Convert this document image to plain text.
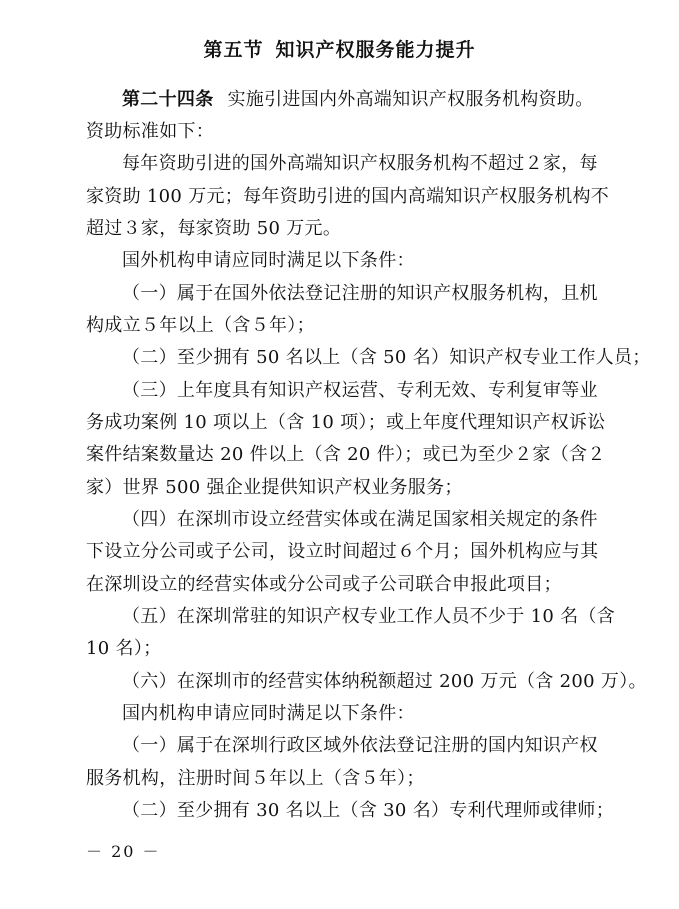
第五节 知识产权服务能力提升
第二十四条 实施引进国内外高端知识产权服务机构资助。
资助标准如下：
每年资助引进的国外高端知识产权服务机构不超过２家，每
家资助 100 万元；每年资助引进的国内高端知识产权服务机构不
超过３家，每家资助 50 万元。
国外机构申请应同时满足以下条件：
（一）属于在国外依法登记注册的知识产权服务机构，且机
构成立５年以上（含５年）；
（二）至少拥有 50 名以上（含 50 名）知识产权专业工作人员；
（三）上年度具有知识产权运营、专利无效、专利复审等业
务成功案例 10 项以上（含 10 项）；或上年度代理知识产权诉讼
案件结案数量达 20 件以上（含 20 件）；或已为至少２家（含２
家）世界 500 强企业提供知识产权业务服务；
（四）在深圳市设立经营实体或在满足国家相关规定的条件
下设立分公司或子公司，设立时间超过６个月；国外机构应与其
在深圳设立的经营实体或分公司或子公司联合申报此项目；
（五）在深圳常驻的知识产权专业工作人员不少于 10 名（含
10 名）；
（六）在深圳市的经营实体纳税额超过 200 万元（含 200 万）。
国内机构申请应同时满足以下条件：
（一）属于在深圳行政区域外依法登记注册的国内知识产权
服务机构，注册时间５年以上（含５年）；
（二）至少拥有 30 名以上（含 30 名）专利代理师或律师；
－ 20 －
